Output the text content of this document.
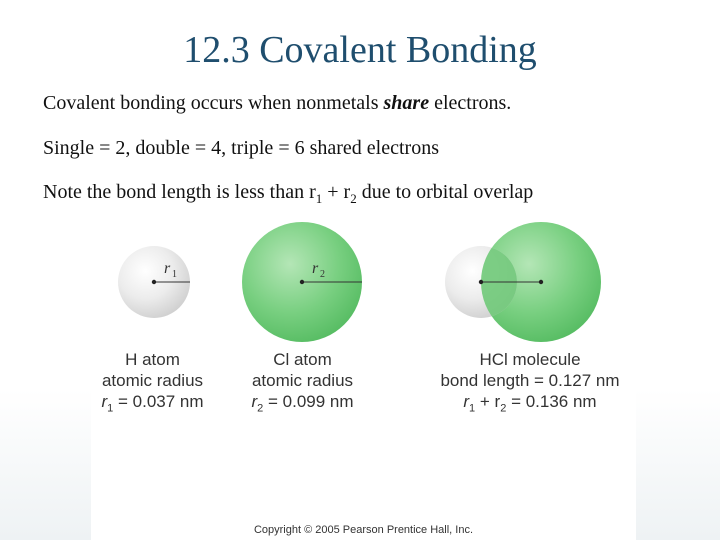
12.3 Covalent Bonding

Covalent bonding occurs when nonmetals share electrons.

Single = 2, double = 4, triple = 6 shared electrons

Note the bond length is less than $r_1 + r_2$ due to orbital overlap

r 1	r 2
H atom
atomic radius
$r_1 = 0.037$ nm
Cl atom
atomic radius
$r_2 = 0.099$ nm
HCl molecule
bond length = 0.127 nm
$r_1 + r_2 = 0.136$ nm
Copyright © 2005 Pearson Prentice Hall, Inc.
